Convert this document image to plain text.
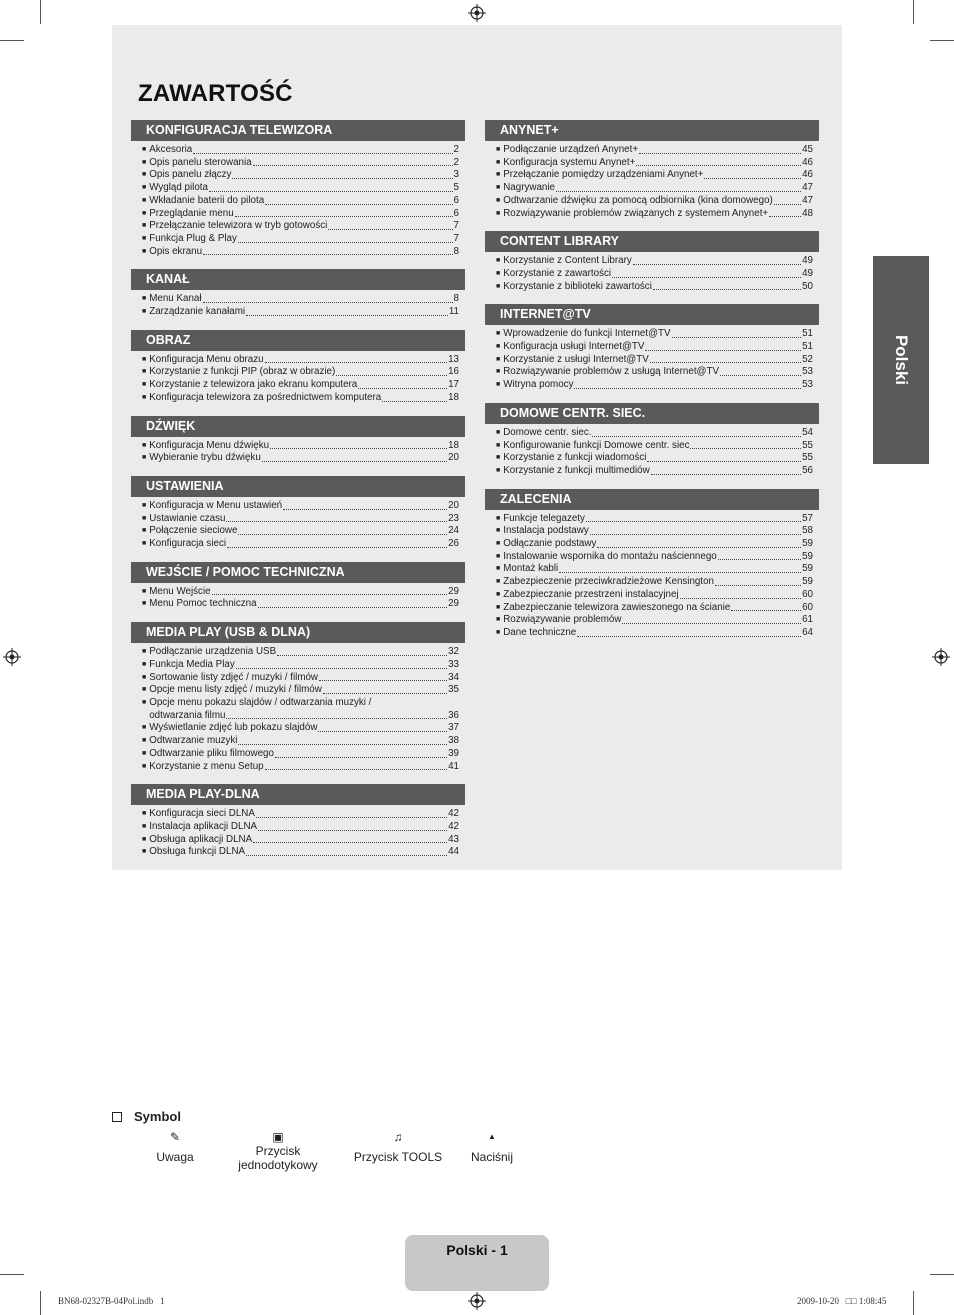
ZAWARTOŚĆ
KONFIGURACJA TELEWIZORA
■ Akcesoria	2
■ Opis panelu sterowania	2
■ Opis panelu złączy	3
■ Wygląd pilota	5
■ Wkładanie baterii do pilota	6
■ Przeglądanie menu	6
■ Przełączanie telewizora w tryb gotowości	7
■ Funkcja Plug & Play	7
■ Opis ekranu	8
KANAŁ
■ Menu Kanał	8
■ Zarządzanie kanałami	11
OBRAZ
■ Konfiguracja Menu obrazu	13
■ Korzystanie z funkcji PIP (obraz w obrazie)	16
■ Korzystanie z telewizora jako ekranu komputera	17
■ Konfiguracja telewizora za pośrednictwem komputera	18
DŹWIĘK
■ Konfiguracja Menu dźwięku	18
■ Wybieranie trybu dźwięku	20
USTAWIENIA
■ Konfiguracja w Menu ustawień	20
■ Ustawianie czasu	23
■ Połączenie sieciowe	24
■ Konfiguracja sieci	26
WEJŚCIE / POMOC TECHNICZNA
■ Menu Wejście	29
■ Menu Pomoc techniczna	29
MEDIA PLAY (USB & DLNA)
■ Podłączanie urządzenia USB	32
■ Funkcja Media Play	33
■ Sortowanie listy zdjęć / muzyki / filmów	34
■ Opcje menu listy zdjęć / muzyki / filmów	35
■ Opcje menu pokazu slajdów / odtwarzania muzyki /
odtwarzania filmu	36
■ Wyświetlanie zdjęć lub pokazu slajdów	37
■ Odtwarzanie muzyki	38
■ Odtwarzanie pliku filmowego	39
■ Korzystanie z menu Setup	41
MEDIA PLAY-DLNA
■ Konfiguracja sieci DLNA	42
■ Instalacja aplikacji DLNA	42
■ Obsługa aplikacji DLNA	43
■ Obsługa funkcji DLNA	44
ANYNET+
■ Podłączanie urządzeń Anynet+	45
■ Konfiguracja systemu Anynet+	46
■ Przełączanie pomiędzy urządzeniami Anynet+	46
■ Nagrywanie	47
■ Odtwarzanie dźwięku za pomocą odbiornika (kina domowego)	47
■ Rozwiązywanie problemów związanych z systemem Anynet+	48
CONTENT LIBRARY
■ Korzystanie z Content Library	49
■ Korzystanie z zawartości	49
■ Korzystanie z biblioteki zawartości	50
INTERNET@TV
■ Wprowadzenie do funkcji Internet@TV	51
■ Konfiguracja usługi Internet@TV	51
■ Korzystanie z usługi Internet@TV	52
■ Rozwiązywanie problemów z usługą Internet@TV	53
■ Witryna pomocy	53
DOMOWE CENTR. SIEC.
■ Domowe centr. siec.	54
■ Konfigurowanie funkcji Domowe centr. siec	55
■ Korzystanie z funkcji wiadomości	55
■ Korzystanie z funkcji multimediów	56
ZALECENIA
■ Funkcje telegazety	57
■ Instalacja podstawy	58
■ Odłączanie podstawy	59
■ Instalowanie wspornika do montażu naściennego	59
■ Montaż kabli	59
■ Zabezpieczenie przeciwkradzieżowe Kensington	59
■ Zabezpieczanie przestrzeni instalacyjnej	60
■ Zabezpieczanie telewizora zawieszonego na ścianie	60
■ Rozwiązywanie problemów	61
■ Dane techniczne	64
Polski
Symbol
✎
Uwaga
▣
Przycisk jednodotykowy
♫
Przycisk TOOLS
▲
Naciśnij
Polski - 1
BN68-02327B-04Pol.indb   1	2009-10-20   □□ 1:08:45
